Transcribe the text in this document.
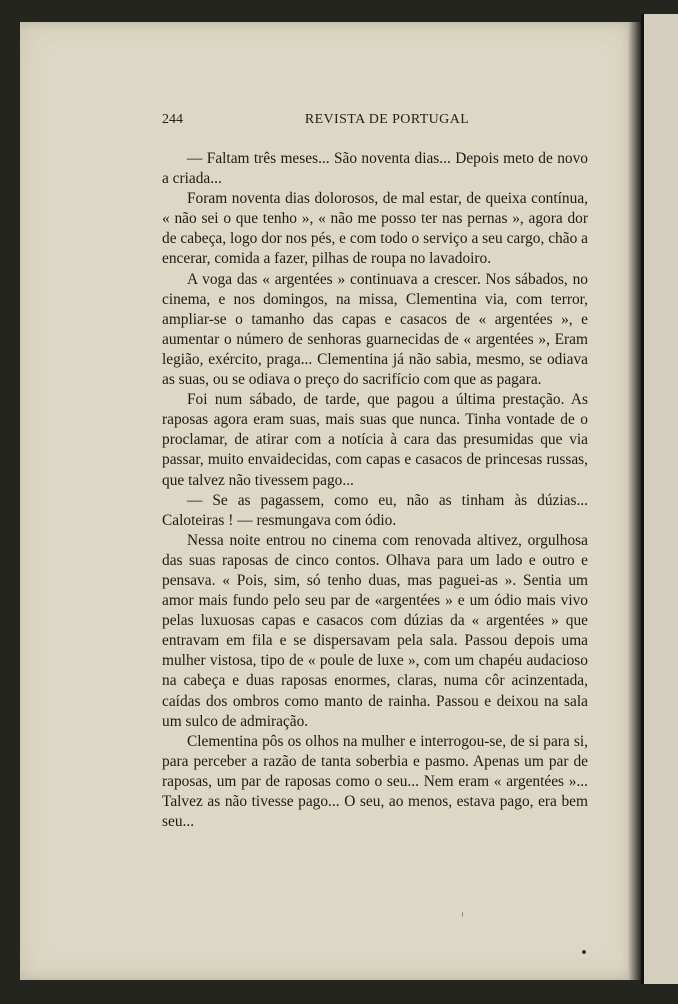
244	REVISTA DE PORTUGAL

— Faltam três meses... São noventa dias... Depois meto de novo a criada...

Foram noventa dias dolorosos, de mal estar, de queixa contínua, « não sei o que tenho », « não me posso ter nas pernas », agora dor de cabeça, logo dor nos pés, e com todo o serviço a seu cargo, chão a encerar, comida a fazer, pilhas de roupa no lavadoiro.

A voga das « argentées » continuava a crescer. Nos sábados, no cinema, e nos domingos, na missa, Clementina via, com terror, ampliar-se o tamanho das capas e casacos de « argentées », e aumentar o número de senhoras guarnecidas de « argentées », Eram legião, exército, praga... Clementina já não sabia, mesmo, se odiava as suas, ou se odiava o preço do sacrifício com que as pagara.

Foi num sábado, de tarde, que pagou a última prestação. As raposas agora eram suas, mais suas que nunca. Tinha vontade de o proclamar, de atirar com a notícia à cara das presumidas que via passar, muito envaidecidas, com capas e casacos de princesas russas, que talvez não tivessem pago...

— Se as pagassem, como eu, não as tinham às dúzias... Caloteiras ! — resmungava com ódio.

Nessa noite entrou no cinema com renovada altivez, orgulhosa das suas raposas de cinco contos. Olhava para um lado e outro e pensava. « Pois, sim, só tenho duas, mas paguei-as ». Sentia um amor mais fundo pelo seu par de «argentées » e um ódio mais vivo pelas luxuosas capas e casacos com dúzias da « argentées » que entravam em fila e se dispersavam pela sala. Passou depois uma mulher vistosa, tipo de « poule de luxe », com um chapéu audacioso na cabeça e duas raposas enormes, claras, numa côr acinzentada, caídas dos ombros como manto de rainha. Passou e deixou na sala um sulco de admiração.

Clementina pôs os olhos na mulher e interrogou-se, de si para si, para perceber a razão de tanta soberbia e pasmo. Apenas um par de raposas, um par de raposas como o seu... Nem eram « argentées »... Talvez as não tivesse pago... O seu, ao menos, estava pago, era bem seu...
